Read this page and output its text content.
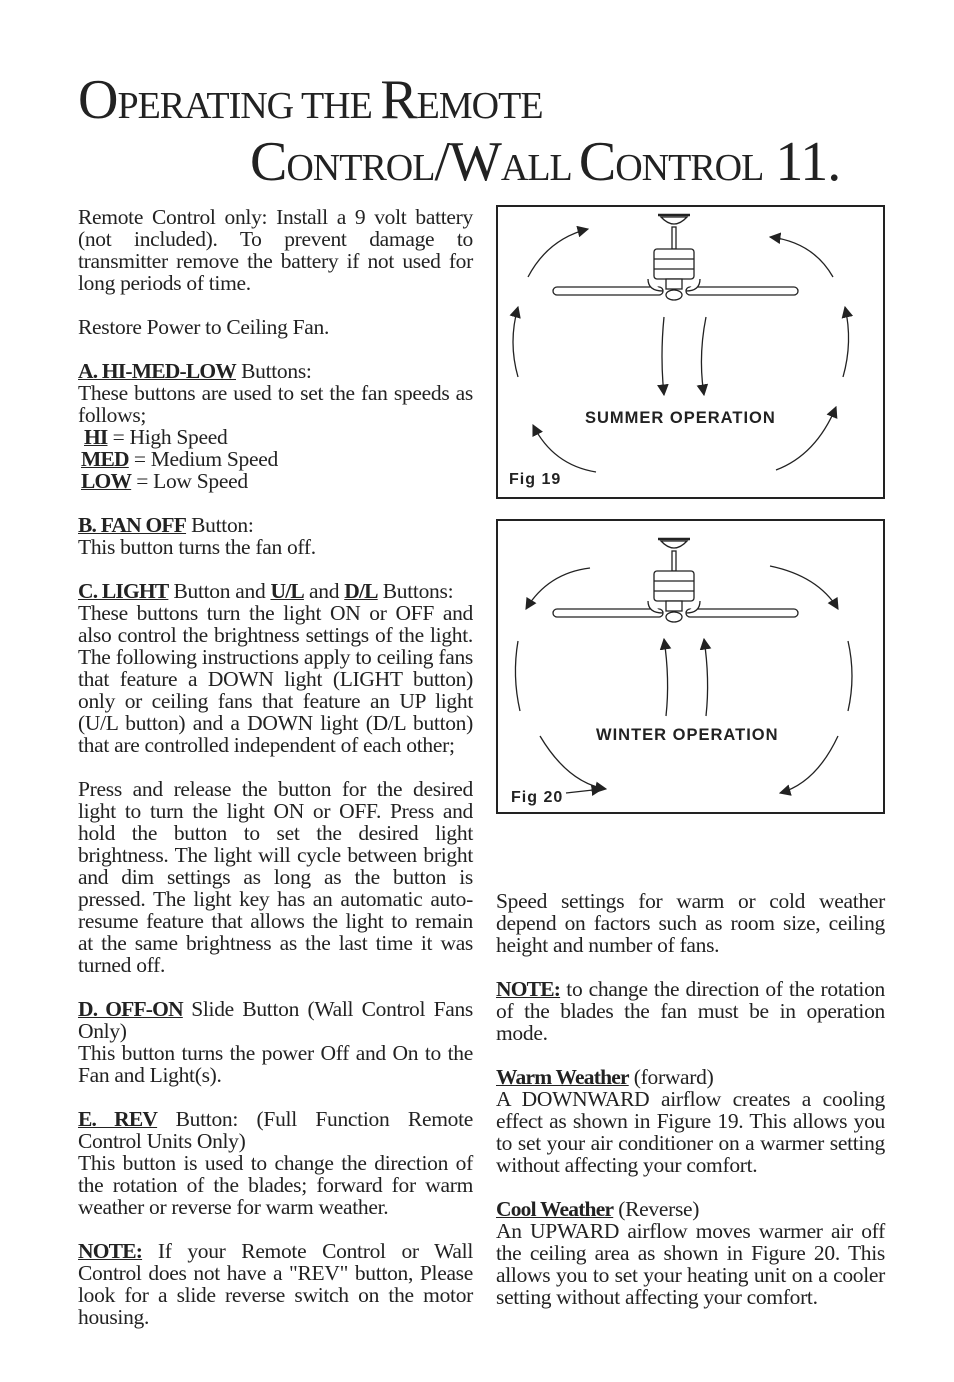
OPERATING THE REMOTE
CONTROL/WALL CONTROL 11.

Remote Control only: Install a 9 volt battery (not included). To prevent damage to transmitter remove the battery if not used for long periods of time.

Restore Power to Ceiling Fan.

A. HI-MED-LOW Buttons:
These buttons are used to set the fan speeds as follows;
HI = High Speed
MED = Medium Speed
LOW = Low Speed

B. FAN OFF Button:
This button turns the fan off.

C. LIGHT Button and U/L and D/L Buttons:
These buttons turn the light ON or OFF and also control the brightness settings of the light. The following instructions apply to ceiling fans that feature a DOWN light (LIGHT button) only or ceiling fans that feature an UP light (U/L button) and a DOWN light (D/L button) that are controlled independent of each other;

Press and release the button for the desired light to turn the light ON or OFF. Press and hold the button to set the desired light brightness. The light will cycle between bright and dim settings as long as the button is pressed. The light key has an automatic auto-resume feature that allows the light to remain at the same brightness as the last time it was turned off.

D. OFF-ON Slide Button (Wall Control Fans Only)
This button turns the power Off and On to the Fan and Light(s).

E. REV Button: (Full Function Remote Control Units Only)
This button is used to change the direction of the rotation of the blades; forward for warm weather or reverse for warm weather.

NOTE: If your Remote Control or Wall Control does not have a "REV" button, Please look for a slide reverse switch on the motor housing.

SUMMER OPERATION
Fig 19
WINTER OPERATION
Fig 20

Speed settings for warm or cold weather depend on factors such as room size, ceiling height and number of fans.

NOTE: to change the direction of the rotation of the blades the fan must be in operation mode.

Warm Weather (forward)
A DOWNWARD airflow creates a cooling effect as shown in Figure 19. This allows you to set your air conditioner on a warmer setting without affecting your comfort.

Cool Weather (Reverse)
An UPWARD airflow moves warmer air off the ceiling area as shown in Figure 20. This allows you to set your heating unit on a cooler setting without affecting your comfort.
